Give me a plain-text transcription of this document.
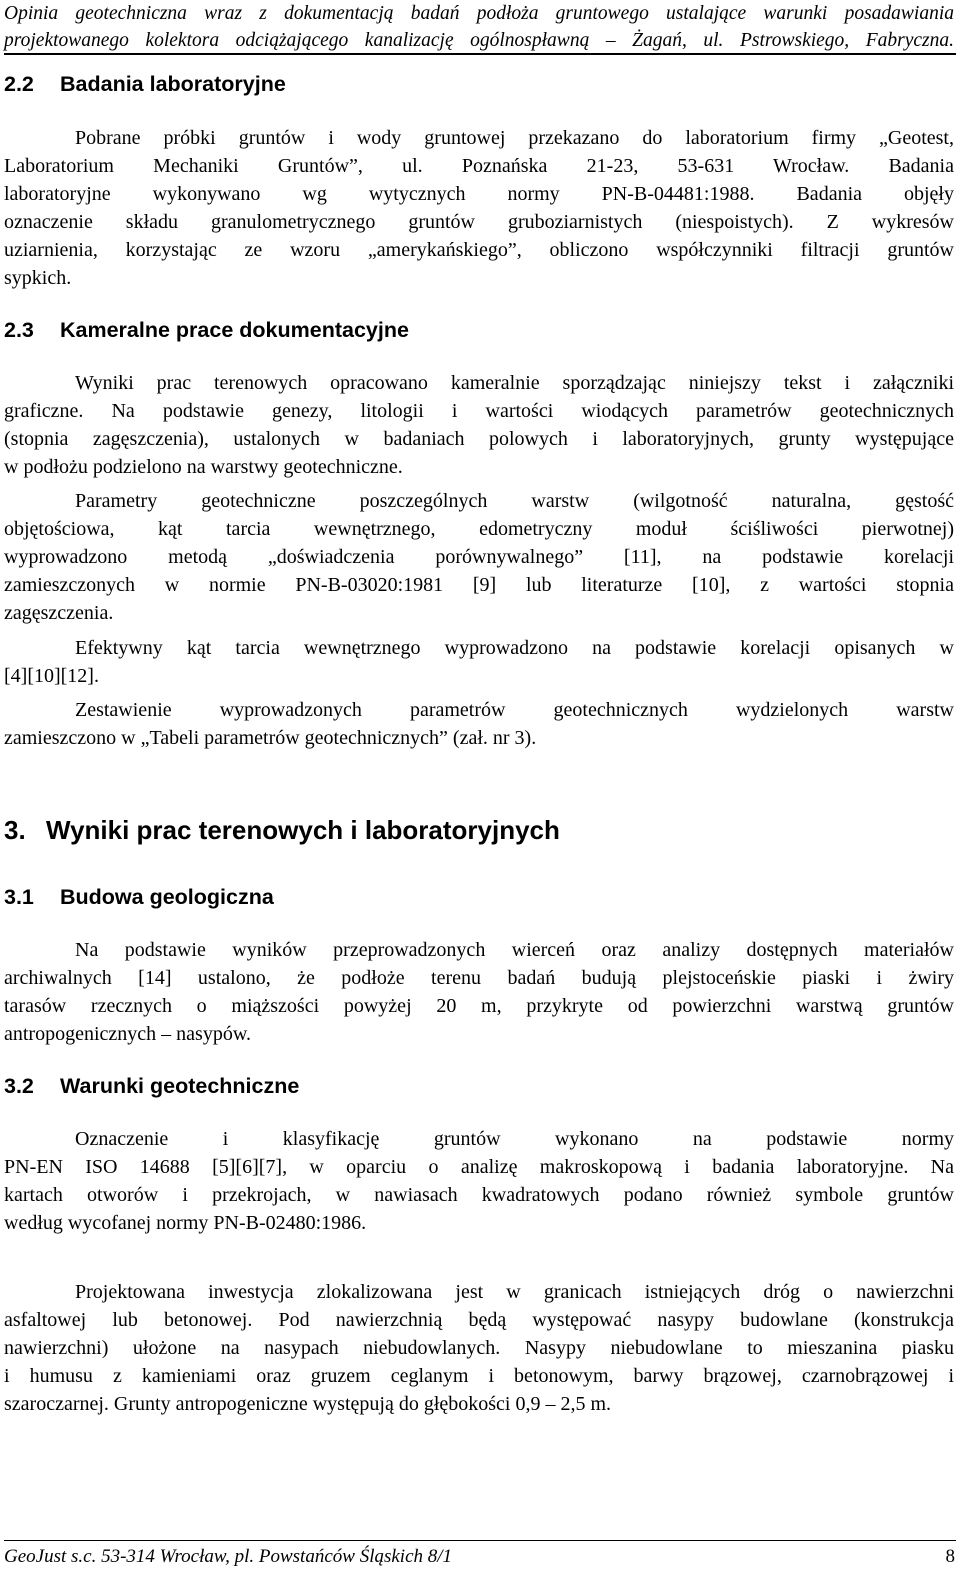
Opinia geotechniczna wraz z dokumentacją badań podłoża gruntowego ustalające warunki posadawiania
projektowanego kolektora odciążającego kanalizację ogólnospławną – Żagań, ul. Pstrowskiego, Fabryczna.
2.2 Badania laboratoryjne
Pobrane próbki gruntów i wody gruntowej przekazano do laboratorium firmy „Geotest,
Laboratorium Mechaniki Gruntów”, ul. Poznańska 21-23, 53-631 Wrocław. Badania
laboratoryjne wykonywano wg wytycznych normy PN-B-04481:1988. Badania objęły
oznaczenie składu granulometrycznego gruntów gruboziarnistych (niespoistych). Z wykresów
uziarnienia, korzystając ze wzoru „amerykańskiego”, obliczono współczynniki filtracji gruntów
sypkich.
2.3 Kameralne prace dokumentacyjne
Wyniki prac terenowych opracowano kameralnie sporządzając niniejszy tekst i załączniki
graficzne. Na podstawie genezy, litologii i wartości wiodących parametrów geotechnicznych
(stopnia zagęszczenia), ustalonych w badaniach polowych i laboratoryjnych, grunty występujące
w podłożu podzielono na warstwy geotechniczne.
Parametry geotechniczne poszczególnych warstw (wilgotność naturalna, gęstość
objętościowa, kąt tarcia wewnętrznego, edometryczny moduł ściśliwości pierwotnej)
wyprowadzono metodą „doświadczenia porównywalnego” [11], na podstawie korelacji
zamieszczonych w normie PN-B-03020:1981 [9] lub literaturze [10], z wartości stopnia
zagęszczenia.
Efektywny kąt tarcia wewnętrznego wyprowadzono na podstawie korelacji opisanych w
[4][10][12].
Zestawienie wyprowadzonych parametrów geotechnicznych wydzielonych warstw
zamieszczono w „Tabeli parametrów geotechnicznych” (zał. nr 3).
3. Wyniki prac terenowych i laboratoryjnych
3.1 Budowa geologiczna
Na podstawie wyników przeprowadzonych wierceń oraz analizy dostępnych materiałów
archiwalnych [14] ustalono, że podłoże terenu badań budują plejstoceńskie piaski i żwiry
tarasów rzecznych o miąższości powyżej 20 m, przykryte od powierzchni warstwą gruntów
antropogenicznych – nasypów.
3.2 Warunki geotechniczne
Oznaczenie i klasyfikację gruntów wykonano na podstawie normy
PN-EN ISO 14688 [5][6][7], w oparciu o analizę makroskopową i badania laboratoryjne. Na
kartach otworów i przekrojach, w nawiasach kwadratowych podano również symbole gruntów
według wycofanej normy PN-B-02480:1986.
Projektowana inwestycja zlokalizowana jest w granicach istniejących dróg o nawierzchni
asfaltowej lub betonowej. Pod nawierzchnią będą występować nasypy budowlane (konstrukcja
nawierzchni) ułożone na nasypach niebudowlanych. Nasypy niebudowlane to mieszanina piasku
i humusu z kamieniami oraz gruzem ceglanym i betonowym, barwy brązowej, czarnobrązowej i
szaroczarnej. Grunty antropogeniczne występują do głębokości 0,9 – 2,5 m.
GeoJust s.c. 53-314 Wrocław, pl. Powstańców Śląskich 8/1	8
